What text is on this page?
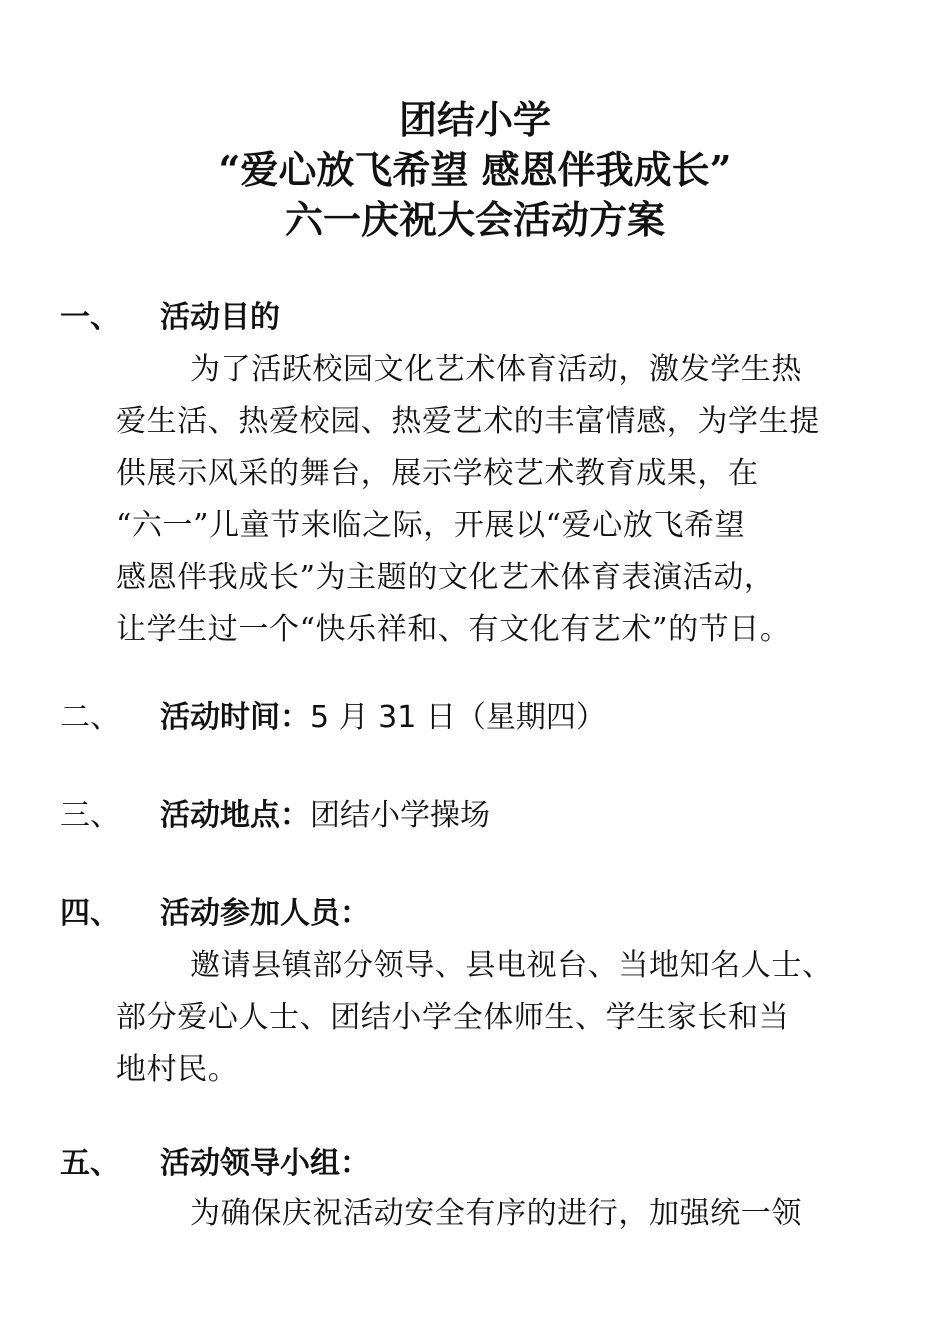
团结小学
“爱心放飞希望 感恩伴我成长”
六一庆祝大会活动方案
一、 活动目的
为了活跃校园文化艺术体育活动，激发学生热
爱生活、热爱校园、热爱艺术的丰富情感，为学生提
供展示风采的舞台，展示学校艺术教育成果，在
“六一”儿童节来临之际，开展以“爱心放飞希望
感恩伴我成长”为主题的文化艺术体育表演活动，
让学生过一个“快乐祥和、有文化有艺术”的节日。
二、 活动时间：5 月 31 日（星期四）
三、 活动地点：团结小学操场
四、 活动参加人员：
邀请县镇部分领导、县电视台、当地知名人士、
部分爱心人士、团结小学全体师生、学生家长和当
地村民。
五、 活动领导小组：
为确保庆祝活动安全有序的进行，加强统一领
